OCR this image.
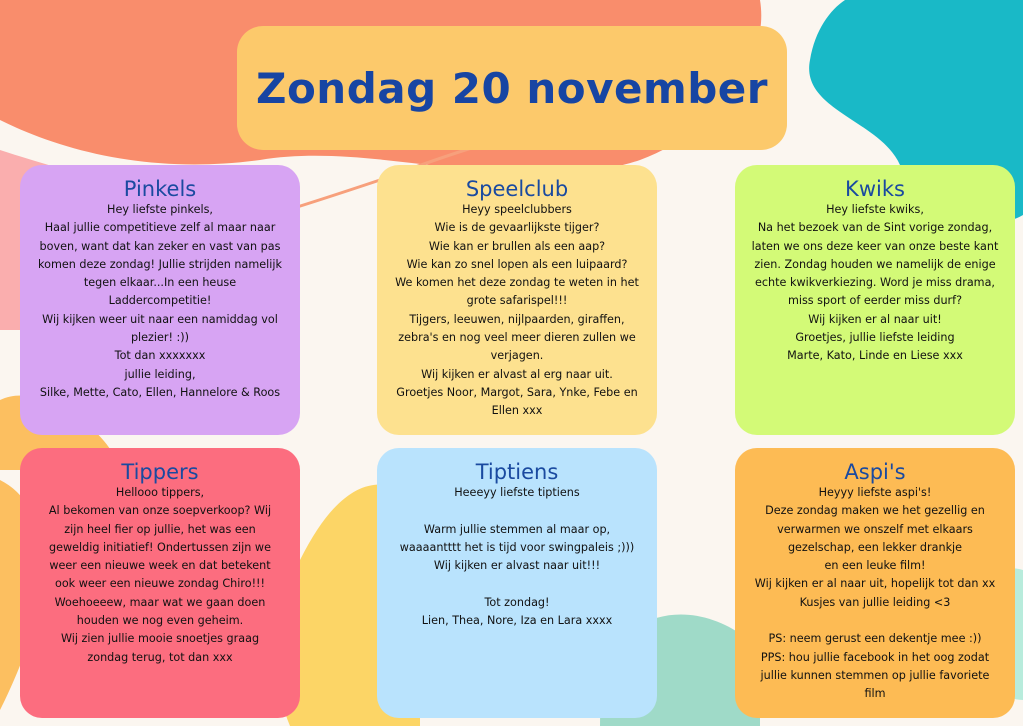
Zondag 20 november
Pinkels
Hey liefste pinkels,
Haal jullie competitieve zelf al maar naar
boven, want dat kan zeker en vast van pas
komen deze zondag! Jullie strijden namelijk
tegen elkaar...In een heuse
Laddercompetitie!
Wij kijken weer uit naar een namiddag vol
plezier! :))
Tot dan xxxxxxx
jullie leiding,
Silke, Mette, Cato, Ellen, Hannelore & Roos
Speelclub
Heyy speelclubbers
Wie is de gevaarlijkste tijger?
Wie kan er brullen als een aap?
Wie kan zo snel lopen als een luipaard?
We komen het deze zondag te weten in het
grote safarispel!!!
Tijgers, leeuwen, nijlpaarden, giraffen,
zebra's en nog veel meer dieren zullen we
verjagen.
Wij kijken er alvast al erg naar uit.
Groetjes Noor, Margot, Sara, Ynke, Febe en
Ellen xxx
Kwiks
Hey liefste kwiks,
Na het bezoek van de Sint vorige zondag,
laten we ons deze keer van onze beste kant
zien. Zondag houden we namelijk de enige
echte kwikverkiezing. Word je miss drama,
miss sport of eerder miss durf?
Wij kijken er al naar uit!
Groetjes, jullie liefste leiding
Marte, Kato, Linde en Liese xxx
Tippers
Hellooo tippers,
Al bekomen van onze soepverkoop? Wij
zijn heel fier op jullie, het was een
geweldig initiatief! Ondertussen zijn we
weer een nieuwe week en dat betekent
ook weer een nieuwe zondag Chiro!!!
Woehoeeew, maar wat we gaan doen
houden we nog even geheim.
Wij zien jullie mooie snoetjes graag
zondag terug, tot dan xxx
Tiptiens
Heeeyy liefste tiptiens
Warm jullie stemmen al maar op,
waaaantttt het is tijd voor swingpaleis ;)))
Wij kijken er alvast naar uit!!!
Tot zondag!
Lien, Thea, Nore, Iza en Lara xxxx
Aspi's
Heyyy liefste aspi's!
Deze zondag maken we het gezellig en
verwarmen we onszelf met elkaars
gezelschap, een lekker drankje
en een leuke film!
Wij kijken er al naar uit, hopelijk tot dan xx
Kusjes van jullie leiding <3
PS: neem gerust een dekentje mee :))
PPS: hou jullie facebook in het oog zodat
jullie kunnen stemmen op jullie favoriete
film
